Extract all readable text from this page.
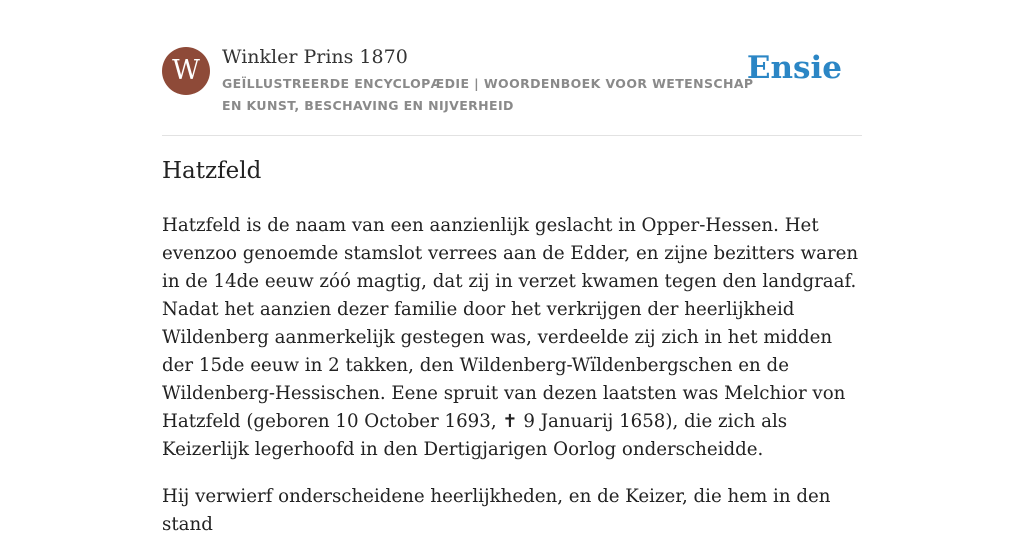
W	Winkler Prins 1870
GEÏLLUSTREERDE ENCYCLOPÆDIE | WOORDENBOEK VOOR WETENSCHAP EN KUNST, BESCHAVING EN NIJVERHEID
Ensie
Hatzfeld

Hatzfeld is de naam van een aanzienlijk geslacht in Opper-Hessen. Het evenzoo genoemde stamslot verrees aan de Edder, en zijne bezitters waren in de 14de eeuw zóó magtig, dat zij in verzet kwamen tegen den landgraaf. Nadat het aanzien dezer familie door het verkrijgen der heerlijkheid Wildenberg aanmerkelijk gestegen was, verdeelde zij zich in het midden der 15de eeuw in 2 takken, den Wildenberg-Wïldenbergschen en de Wildenberg-Hessischen. Eene spruit van dezen laatsten was Melchior von Hatzfeld (geboren 10 October 1693, ✝ 9 Januarij 1658), die zich als Keizerlijk legerhoofd in den Dertigjarigen Oorlog onderscheidde.

Hij verwierf onderscheidene heerlijkheden, en de Keizer, die hem in den stand
